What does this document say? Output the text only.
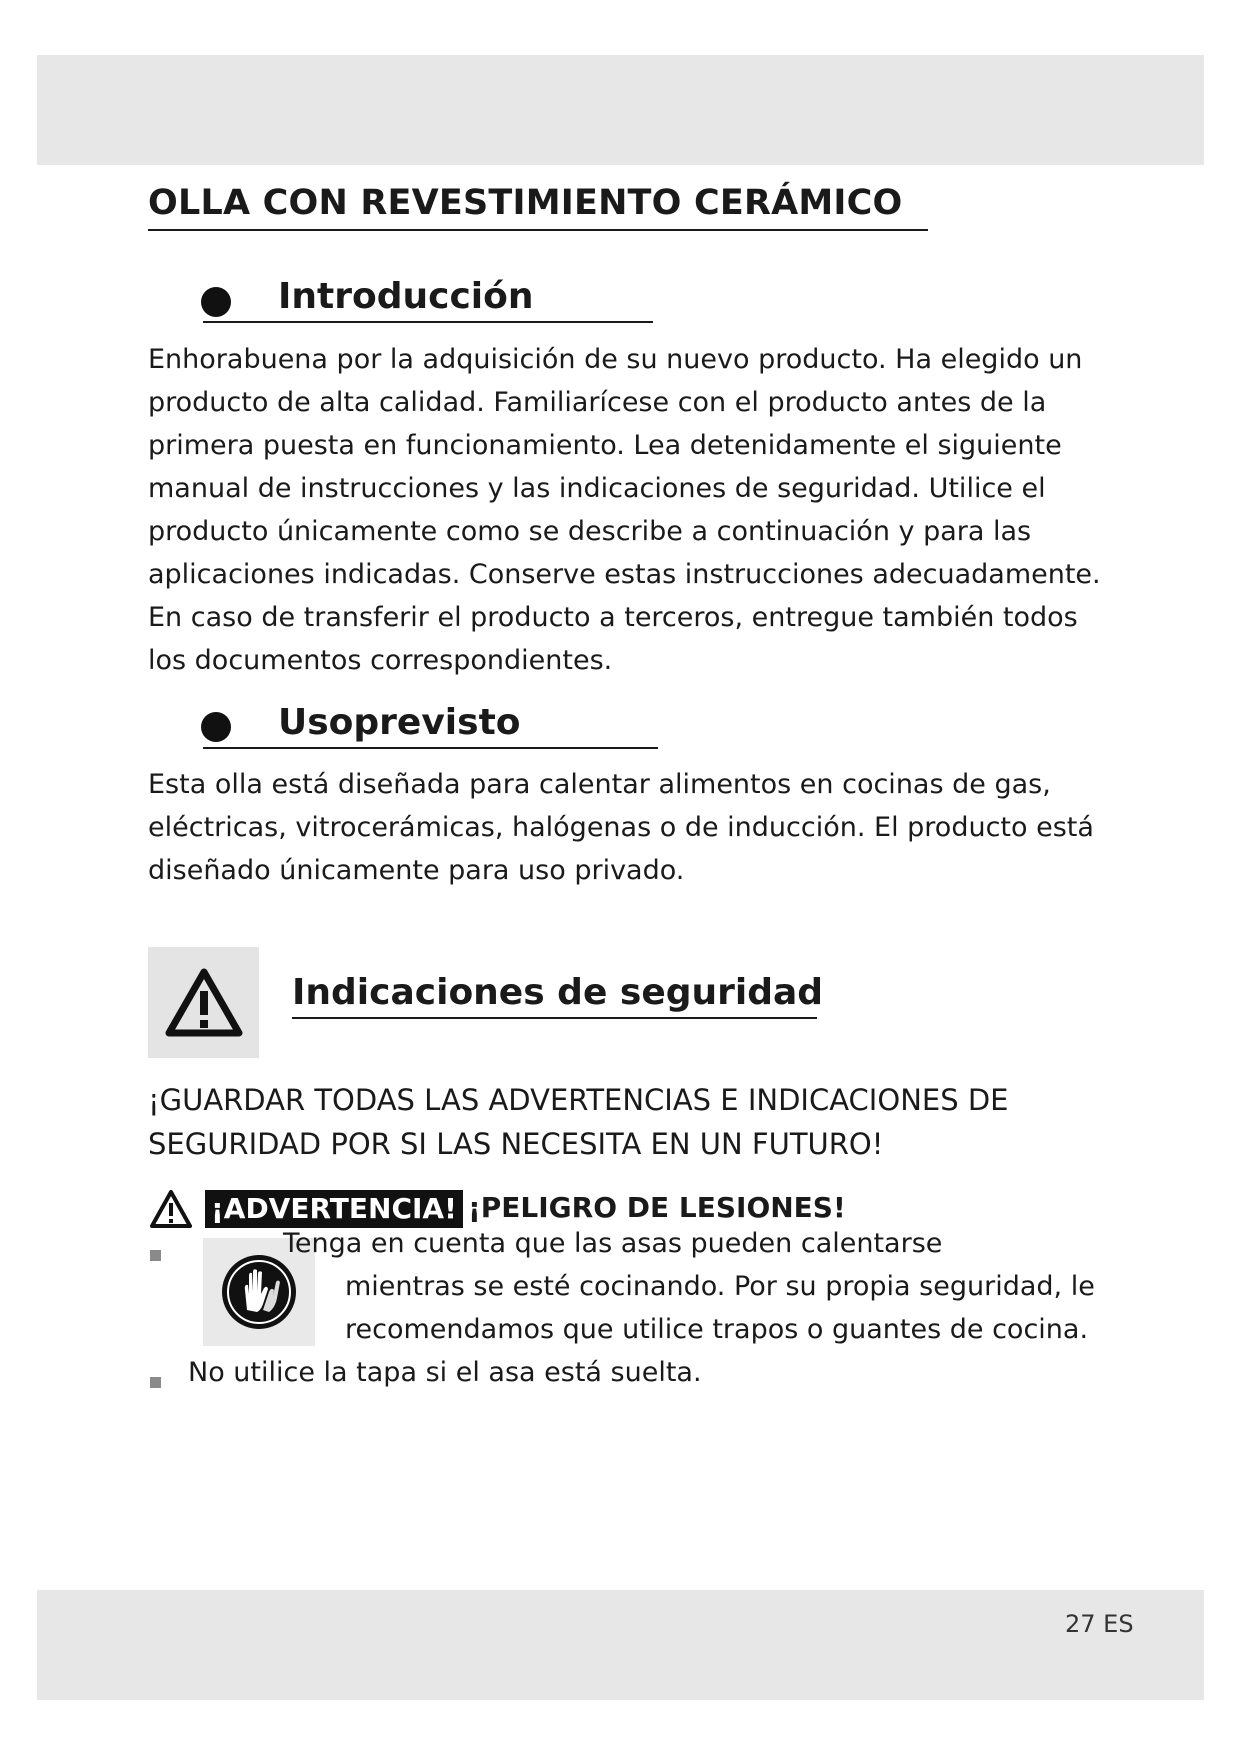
OLLA CON REVESTIMIENTO CERÁMICO
Introducción
Enhorabuena por la adquisición de su nuevo producto. Ha elegido un
producto de alta calidad. Familiarícese con el producto antes de la
primera puesta en funcionamiento. Lea detenidamente el siguiente
manual de instrucciones y las indicaciones de seguridad. Utilice el
producto únicamente como se describe a continuación y para las
aplicaciones indicadas. Conserve estas instrucciones adecuadamente.
En caso de transferir el producto a terceros, entregue también todos
los documentos correspondientes.
Usoprevisto
Esta olla está diseñada para calentar alimentos en cocinas de gas,
eléctricas, vitrocerámicas, halógenas o de inducción. El producto está
diseñado únicamente para uso privado.
Indicaciones de seguridad
¡GUARDAR TODAS LAS ADVERTENCIAS E INDICACIONES DE SEGURIDAD POR SI LAS NECESITA EN UN FUTURO!
¡ADVERTENCIA! ¡PELIGRO DE LESIONES!
Tenga en cuenta que las asas pueden calentarse
mientras se esté cocinando. Por su propia seguridad, le
recomendamos que utilice trapos o guantes de cocina.
No utilice la tapa si el asa está suelta.
27 ES
